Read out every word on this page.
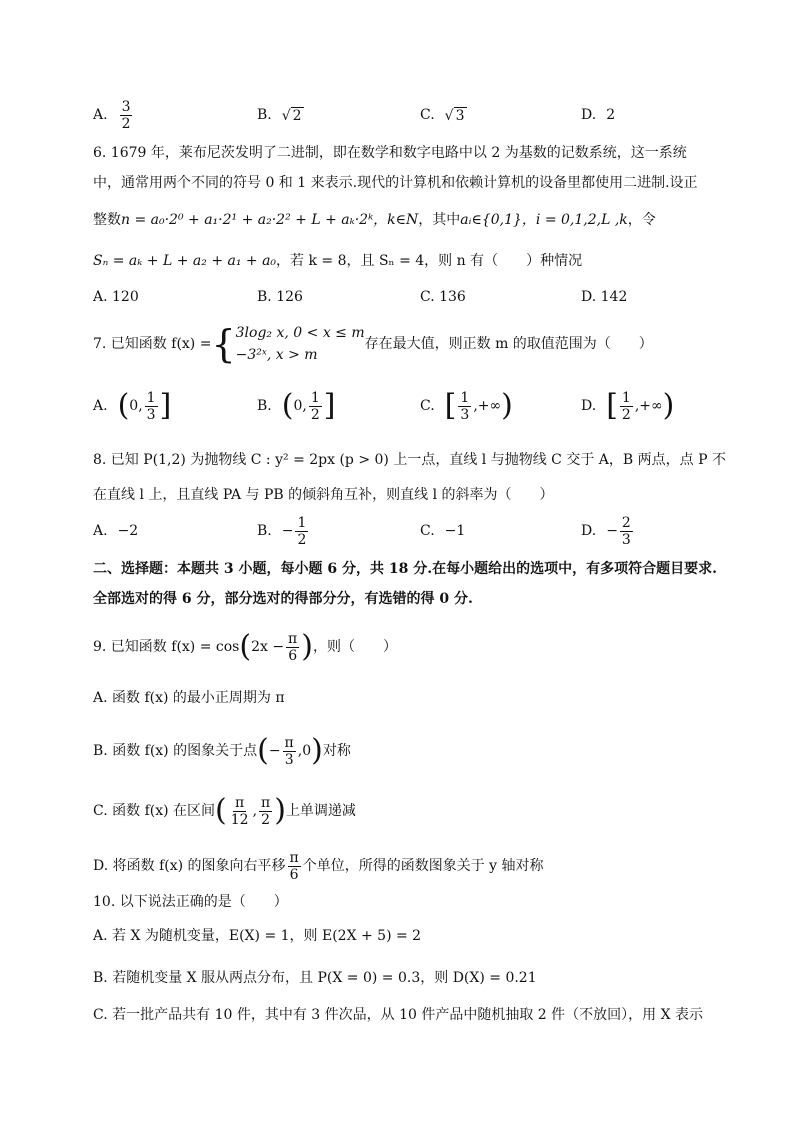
A. $\frac{3}{2}$	B. √ 2	C. √ 3	D. 2
6. 1679 年，莱布尼茨发明了二进制，即在数学和数字电路中以 2 为基数的记数系统，这一系统
中，通常用两个不同的符号 0 和 1 来表示.现代的计算机和依赖计算机的设备里都使用二进制.设正
整数n = a₀·2⁰ + a₁·2¹ + a₂·2² + L + aₖ·2ᵏ，k∈N，其中aᵢ∈{0,1}，i = 0,1,2,L ,k，令
Sₙ = aₖ + L + a₂ + a₁ + a₀，若 k = 8，且 Sₙ = 4，则 n 有（　　）种情况
A. 120	B. 126	C. 136	D. 142
7. 已知函数 f(x) = { 3log₂ x, 0 < x ≤ m
−3²ˣ, x > m
存在最大值，则正数 m 的取值范围为（　　）
A. ( 0, $\frac{1}{3}$ ]	B. ( 0, $\frac{1}{2}$ ]	C. [ $\frac{1}{3}$ ,+∞ )	D. [ $\frac{1}{2}$ ,+∞ )
8. 已知 P(1,2) 为抛物线 C : y² = 2px (p > 0) 上一点，直线 l 与抛物线 C 交于 A，B 两点，点 P 不
在直线 l 上，且直线 PA 与 PB 的倾斜角互补，则直线 l 的斜率为（　　）
A. −2	B. − $\frac{1}{2}$	C. −1	D. − $\frac{2}{3}$
二、选择题：本题共 3 小题，每小题 6 分，共 18 分.在每小题给出的选项中，有多项符合题目要求.
全部选对的得 6 分，部分选对的得部分分，有选错的得 0 分.
9. 已知函数 f(x) = cos ( $2x - \frac{\pi}{6}$ ) ，则（　　）
A. 函数 f(x) 的最小正周期为 π
B. 函数 f(x) 的图象关于点 ( − $\frac{\pi}{3} ,0$ ) 对称
C. 函数 f(x) 在区间 ( $\frac{\pi}{12}$ , $\frac{\pi}{2}$ ) 上单调递减
D. 将函数 f(x) 的图象向右平移 $\frac{\pi}{6}$ 个单位，所得的函数图象关于 y 轴对称
10. 以下说法正确的是（　　）
A. 若 X 为随机变量，E(X) = 1，则 E(2X + 5) = 2
B. 若随机变量 X 服从两点分布，且 P(X = 0) = 0.3，则 D(X) = 0.21
C. 若一批产品共有 10 件，其中有 3 件次品，从 10 件产品中随机抽取 2 件（不放回），用 X 表示
